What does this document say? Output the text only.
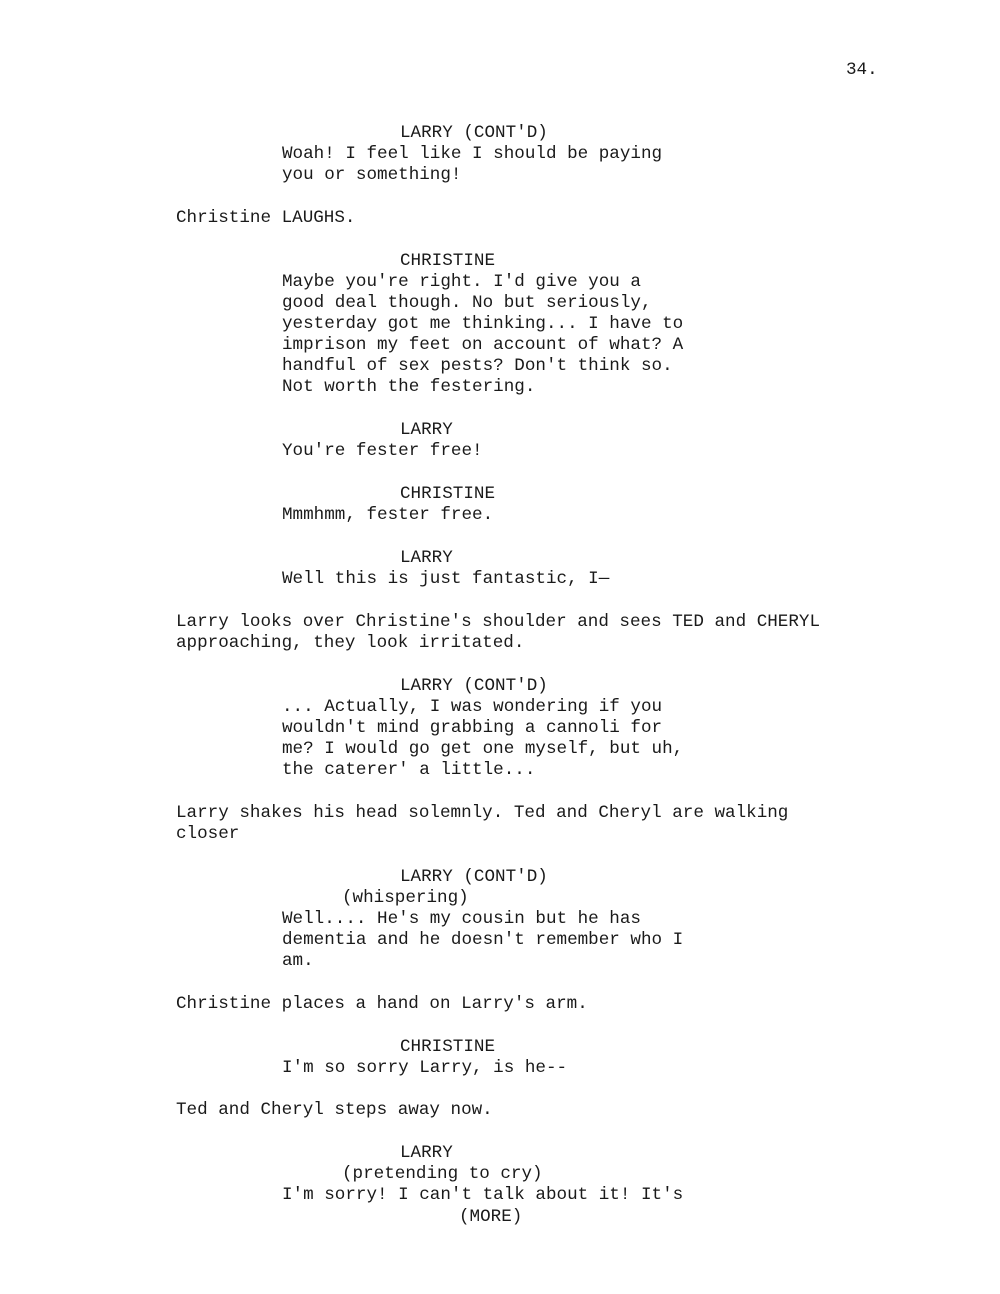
34.
LARRY (CONT'D)
Woah! I feel like I should be paying
you or something!
Christine LAUGHS.
CHRISTINE
Maybe you're right. I'd give you a
good deal though. No but seriously,
yesterday got me thinking... I have to
imprison my feet on account of what? A
handful of sex pests? Don't think so.
Not worth the festering.
LARRY
You're fester free!
CHRISTINE
Mmmhmm, fester free.
LARRY
Well this is just fantastic, I—
Larry looks over Christine's shoulder and sees TED and CHERYL
approaching, they look irritated.
LARRY (CONT'D)
... Actually, I was wondering if you
wouldn't mind grabbing a cannoli for
me? I would go get one myself, but uh,
the caterer' a little...
Larry shakes his head solemnly. Ted and Cheryl are walking
closer
LARRY (CONT'D)
(whispering)
Well.... He's my cousin but he has
dementia and he doesn't remember who I
am.
Christine places a hand on Larry's arm.
CHRISTINE
I'm so sorry Larry, is he--
Ted and Cheryl steps away now.
LARRY
(pretending to cry)
I'm sorry! I can't talk about it! It's
(MORE)
